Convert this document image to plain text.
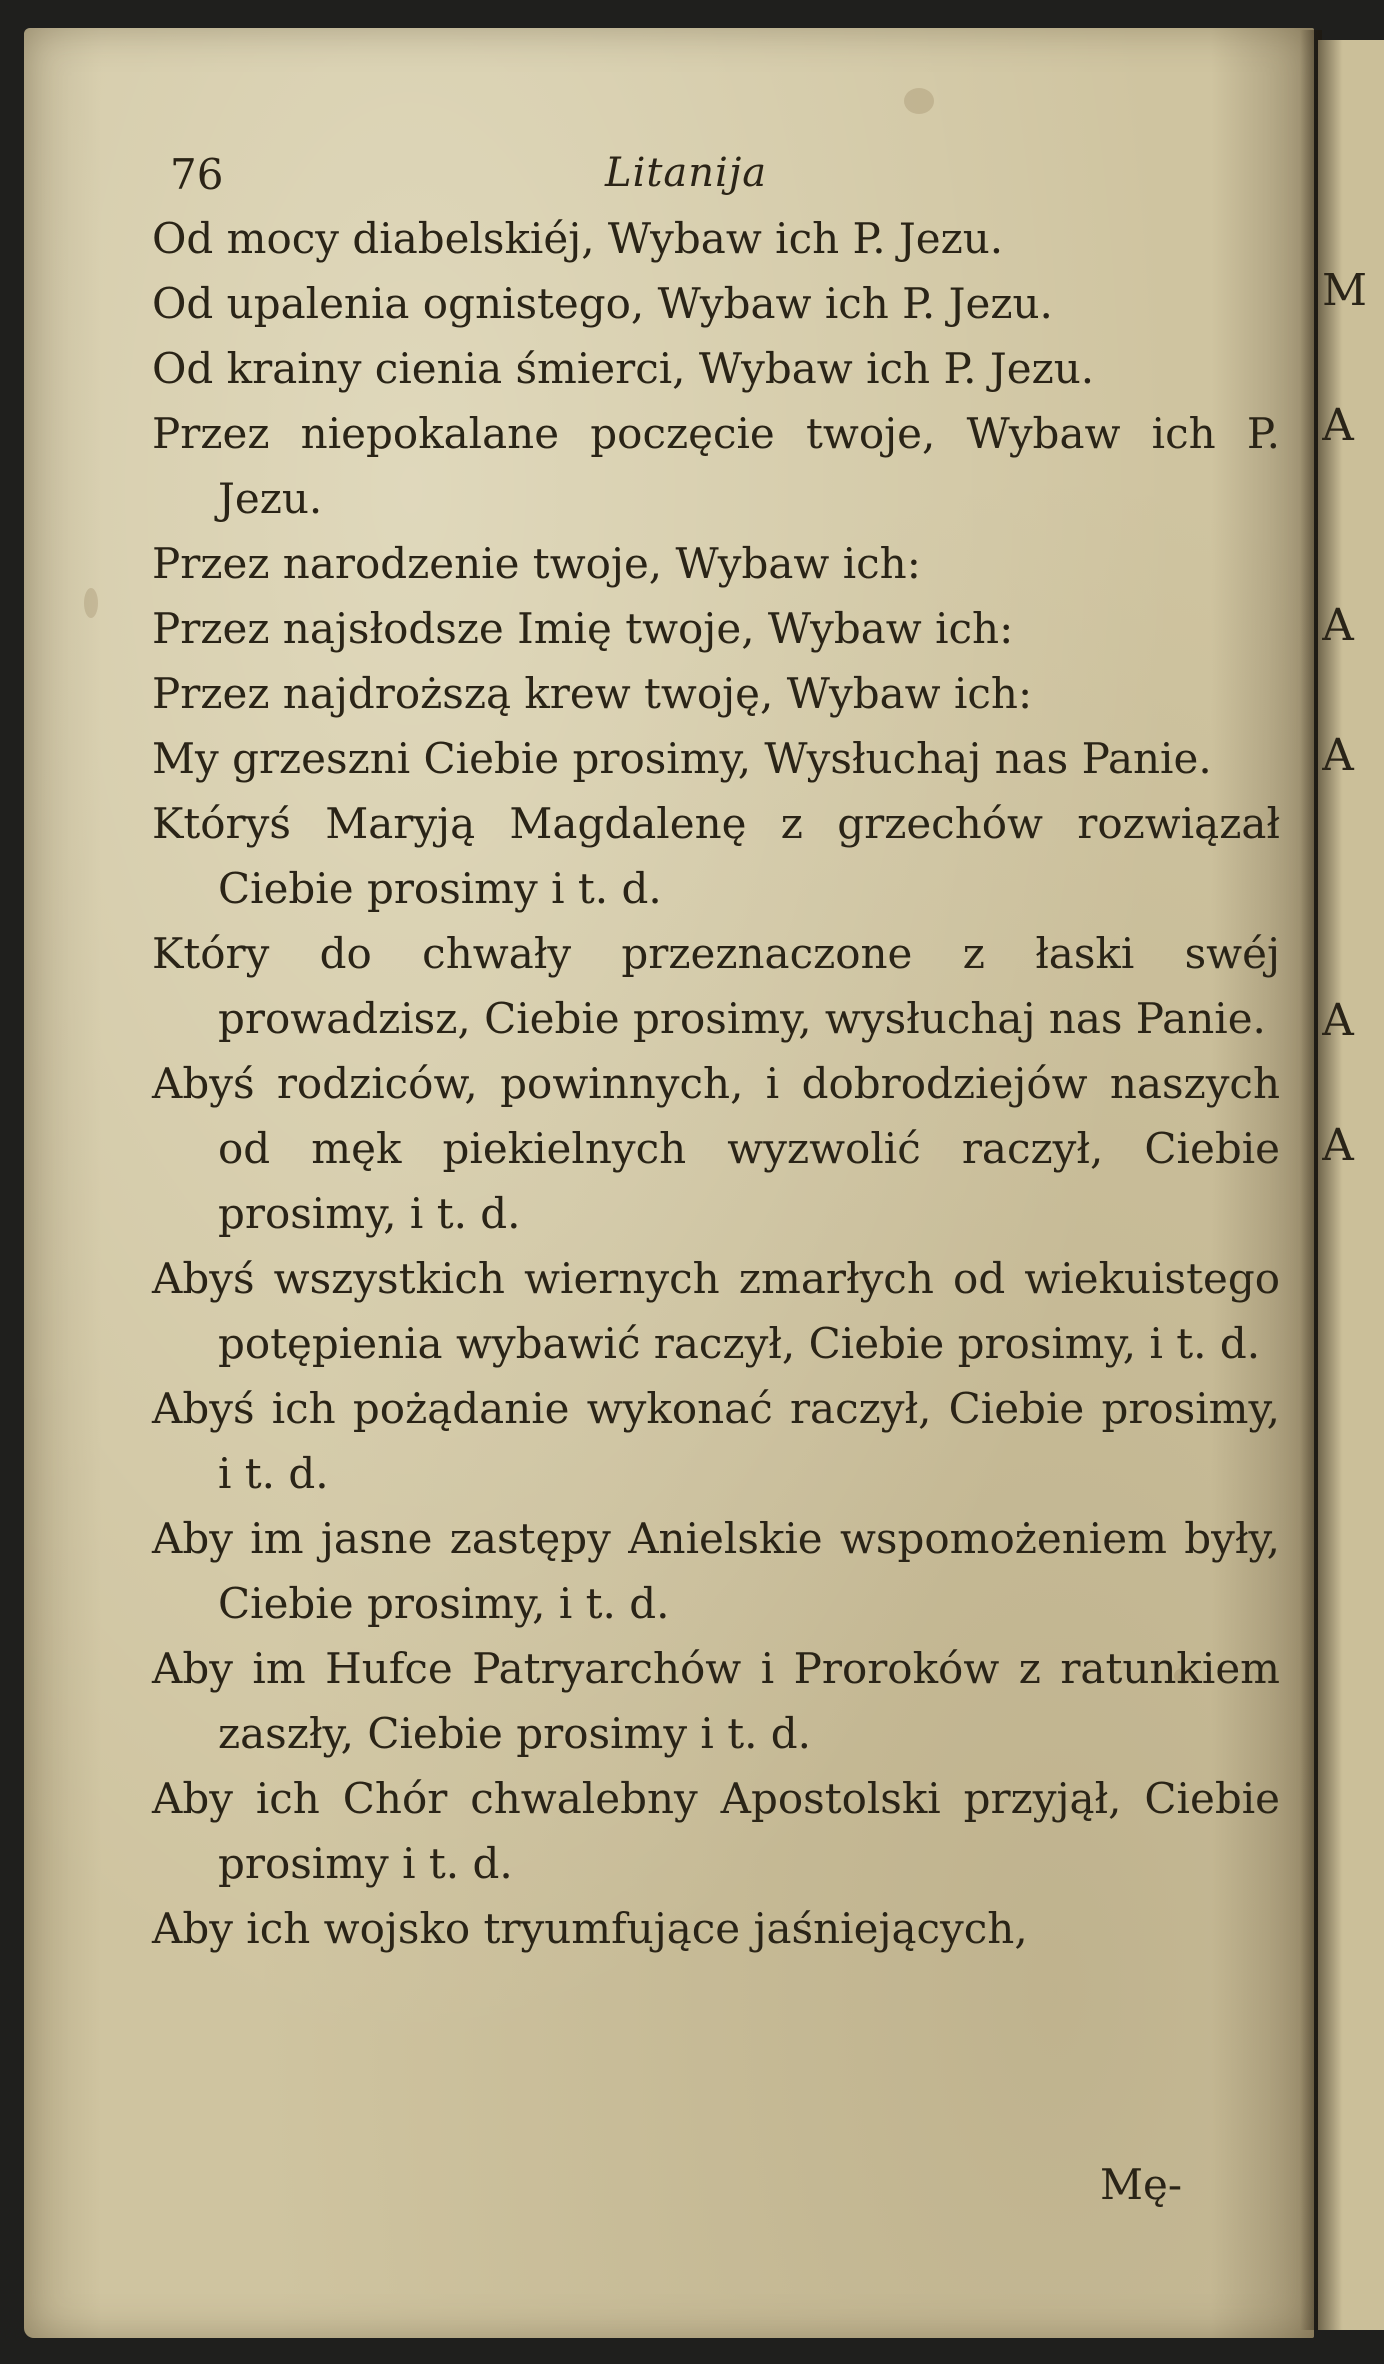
M
A
A
A
A
A
76	Litanija
Od mocy diabelskiéj, Wybaw ich P. Jezu.
Od upalenia ognistego, Wybaw ich P. Jezu.
Od krainy cienia śmierci, Wybaw ich P. Jezu.
Przez niepokalane poczęcie twoje, Wybaw ich P. Jezu.
Przez narodzenie twoje, Wybaw ich:
Przez najsłodsze Imię twoje, Wybaw ich:
Przez najdroższą krew twoję, Wybaw ich:
My grzeszni Ciebie prosimy, Wysłuchaj nas Panie.
Któryś Maryją Magdalenę z grzechów rozwiązał Ciebie prosimy i t. d.
Który do chwały przeznaczone z łaski swéj prowadzisz, Ciebie prosimy, wysłuchaj nas Panie.
Abyś rodziców, powinnych, i dobrodziejów naszych od męk piekielnych wyzwolić raczył, Ciebie prosimy, i t. d.
Abyś wszystkich wiernych zmarłych od wiekuistego potępienia wybawić raczył, Ciebie prosimy, i t. d.
Abyś ich pożądanie wykonać raczył, Ciebie prosimy, i t. d.
Aby im jasne zastępy Anielskie wspomożeniem były, Ciebie prosimy, i t. d.
Aby im Hufce Patryarchów i Proroków z ratunkiem zaszły, Ciebie prosimy i t. d.
Aby ich Chór chwalebny Apostolski przyjął, Ciebie prosimy i t. d.
Aby ich wojsko tryumfujące jaśniejących,
Mę-
